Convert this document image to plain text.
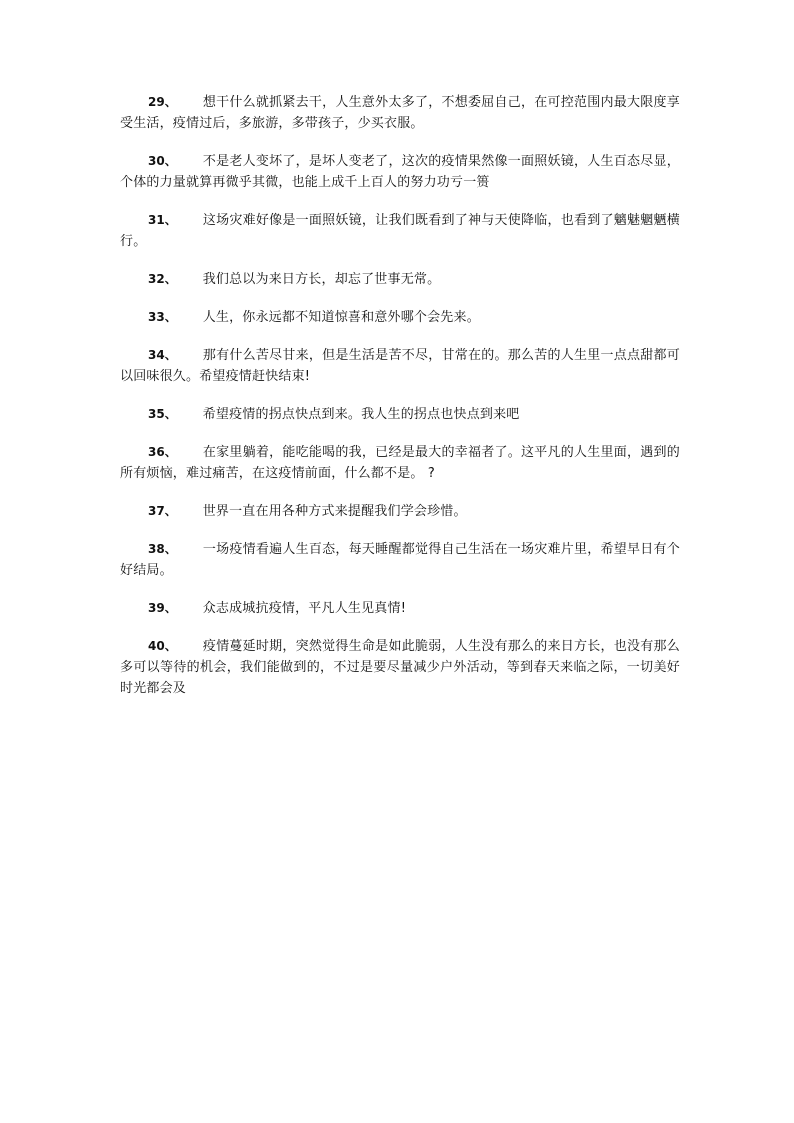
29、 想干什么就抓紧去干，人生意外太多了，不想委屈自己，在可控范围内最大限度享受生活，疫情过后，多旅游，多带孩子，少买衣服。

30、 不是老人变坏了，是坏人变老了，这次的疫情果然像一面照妖镜，人生百态尽显，个体的力量就算再微乎其微，也能上成千上百人的努力功亏一篑

31、 这场灾难好像是一面照妖镜，让我们既看到了神与天使降临，也看到了魑魅魍魉横行。

32、 我们总以为来日方长，却忘了世事无常。

33、 人生，你永远都不知道惊喜和意外哪个会先来。

34、 那有什么苦尽甘来，但是生活是苦不尽，甘常在的。那么苦的人生里一点点甜都可以回味很久。希望疫情赶快结束!

35、 希望疫情的拐点快点到来。我人生的拐点也快点到来吧

36、 在家里躺着，能吃能喝的我，已经是最大的幸福者了。这平凡的人生里面，遇到的所有烦恼，难过痛苦，在这疫情前面，什么都不是。 ?

37、 世界一直在用各种方式来提醒我们学会珍惜。

38、 一场疫情看遍人生百态，每天睡醒都觉得自己生活在一场灾难片里，希望早日有个好结局。

39、 众志成城抗疫情，平凡人生见真情!

40、 疫情蔓延时期，突然觉得生命是如此脆弱，人生没有那么的来日方长，也没有那么多可以等待的机会，我们能做到的，不过是要尽量减少户外活动，等到春天来临之际，一切美好时光都会及
